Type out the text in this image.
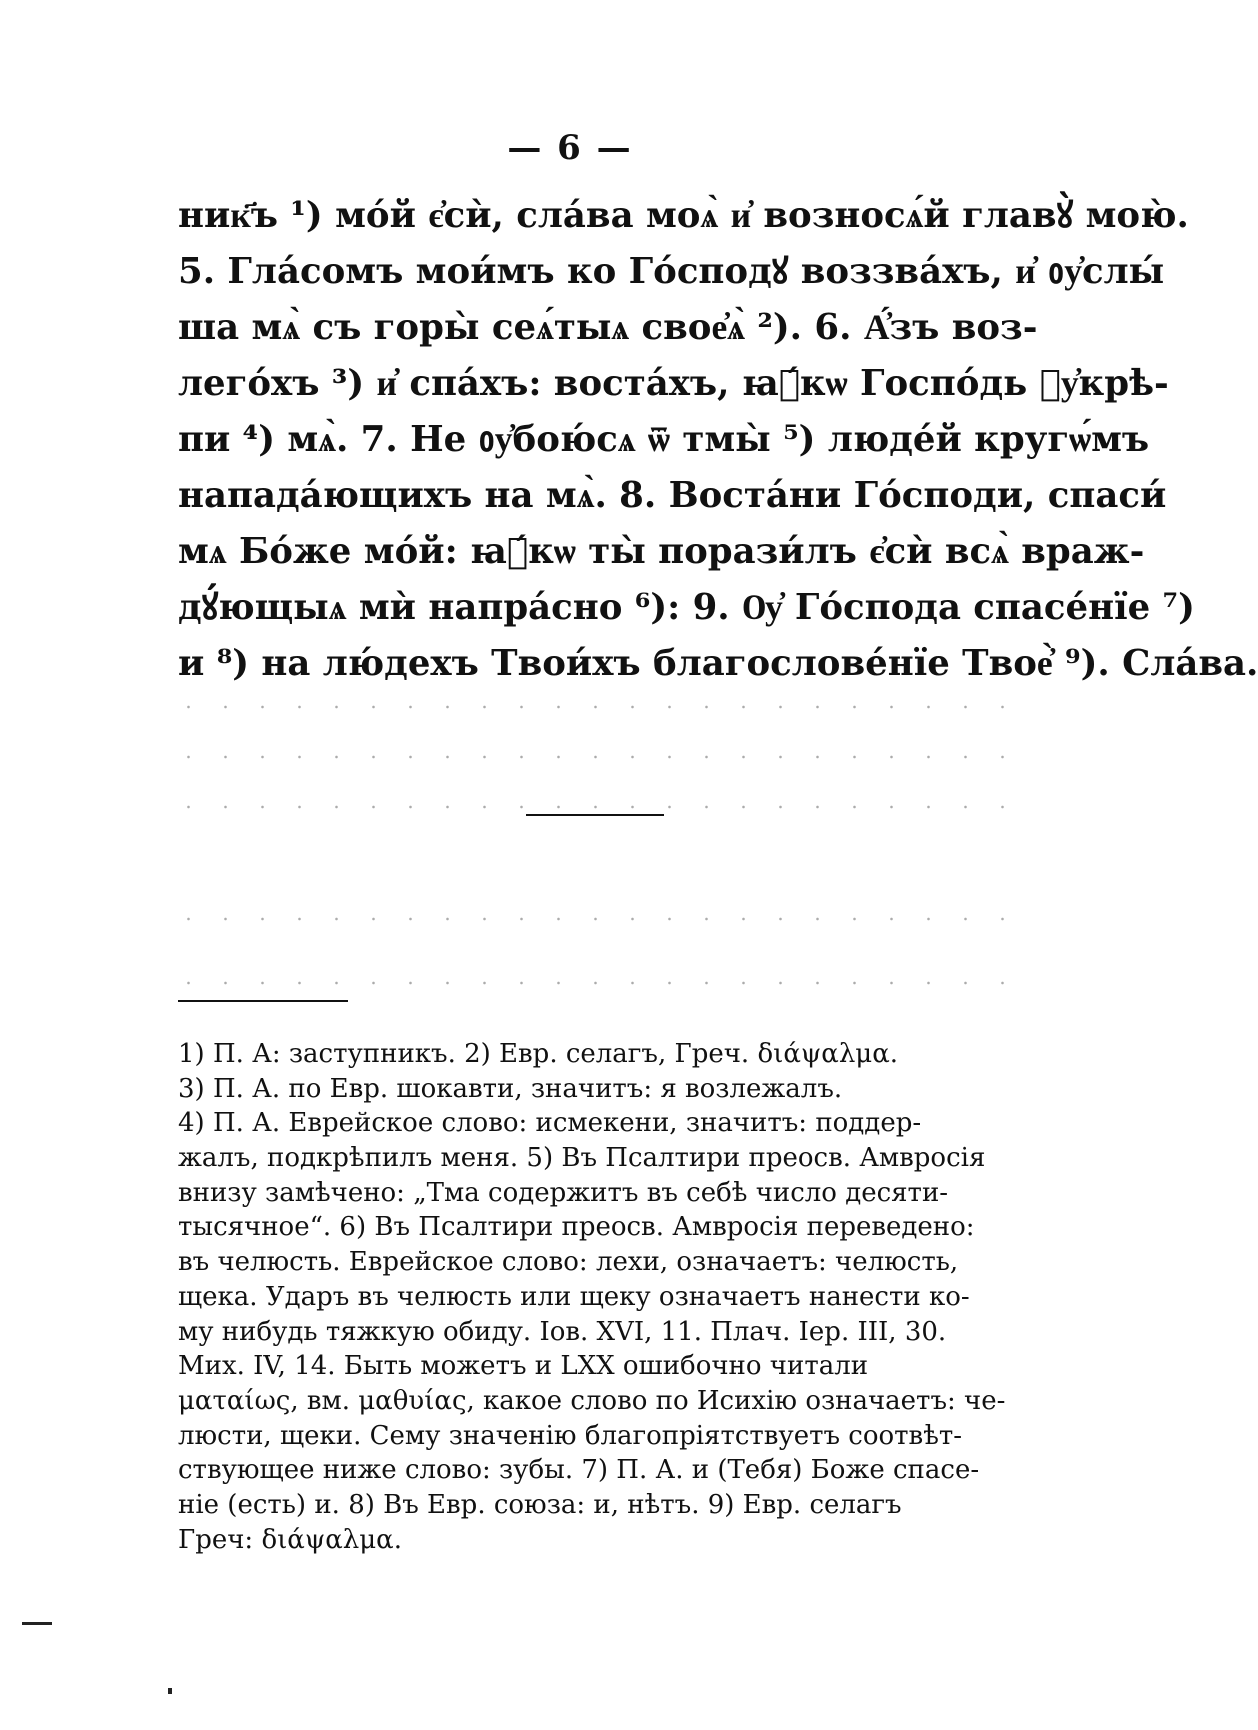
— 6 —
ник҃ъ ¹) мо́й є҆сѝ, сла́ва моѧ̀ и҆ возносѧ́й главꙋ̀ мою̀.
5. Гла́сомъ мои́мъ ко Го́сподꙋ воззва́хъ, и҆ ᲂу҆слы́
ша мѧ̀ съ горы̀ сеѧ́тыѧ свое҆ѧ̀ ²). 6. А҆́зъ воз-
лего́хъ ³) и҆ спа́хъ: воста́хъ, ꙗ҆́кѡ Госпо́дь ᲂу҆крѣ-
пи ⁴) мѧ̀. 7. Не ᲂу҆бою́сѧ ѿ тмы̀ ⁵) люде́й кругѡ́мъ
напада́ющихъ на мѧ̀. 8. Воста́ни Го́споди, спаси́
мѧ Бо́же мо́й: ꙗ҆́кѡ ты̀ порази́лъ є҆сѝ всѧ̀ враж-
дꙋ́ющыѧ мѝ напра́сно ⁶): 9. Ѹ҆ Го́спода спасе́нїе ⁷)
и ⁸) на лю́дехъ Твои́хъ благослове́нїе Твое҆̀ ⁹). Сла́ва.
1) П. А: заступникъ. 2) Евр. селагъ, Греч. διάψαλμα.
3) П. А. по Евр. шокавти, значитъ: я возлежалъ.
4) П. А. Еврейское слово: исмекени, значитъ: поддер-
жалъ, подкрѣпилъ меня. 5) Въ Псалтири преосв. Амвросія
внизу замѣчено: „Тма содержитъ въ себѣ число десяти-
тысячное“. 6) Въ Псалтири преосв. Амвросія переведено:
въ челюсть. Еврейское слово: лехи, означаетъ: челюсть,
щека. Ударъ въ челюсть или щеку означаетъ нанести ко-
му нибудь тяжкую обиду. Іов. XVI, 11. Плач. Іер. III, 30.
Мих. IV, 14. Быть можетъ и LXX ошибочно читали
ματαίως, вм. μαθυίας, какое слово по Исихію означаетъ: че-
люсти, щеки. Сему значенію благопріятствуетъ соотвѣт-
ствующее ниже слово: зубы. 7) П. А. и (Тебя) Боже спасе-
ніе (есть) и. 8) Въ Евр. союза: и, нѣтъ. 9) Евр. селагъ
Греч: διάψαλμα.
